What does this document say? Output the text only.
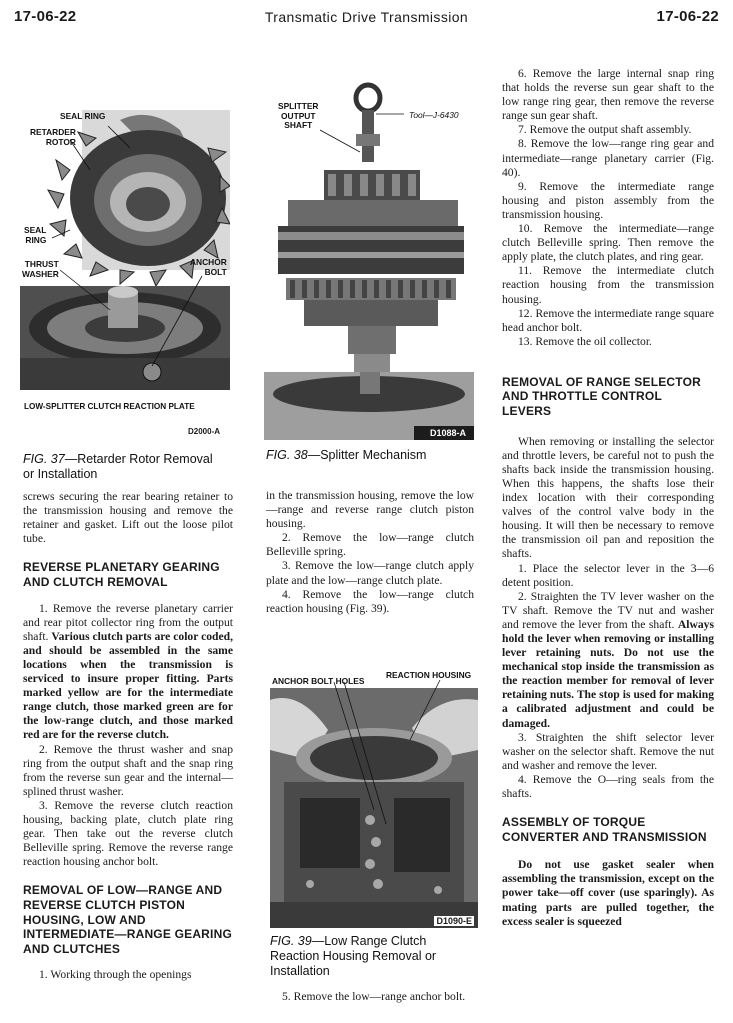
17-06-22	Transmatic Drive Transmission	17-06-22
SEAL RING
RETARDER
ROTOR
SEAL
RING
THRUST
WASHER
ANCHOR
BOLT
LOW-SPLITTER CLUTCH REACTION PLATE
D2000-A
FIG. 37—Retarder Rotor Removal or Installation
SPLITTER
OUTPUT
SHAFT
Tool—J-6430
D1088-A
FIG. 38—Splitter Mechanism
D1090-E
ANCHOR BOLT HOLES
REACTION HOUSING
FIG. 39—Low Range Clutch Reaction Housing Removal or Installation

screws securing the rear bearing retainer to the transmission housing and remove the retainer and gasket. Lift out the loose pilot tube.

REVERSE PLANETARY GEARING AND CLUTCH REMOVAL

1. Remove the reverse planetary carrier and rear pitot collector ring from the output shaft. Various clutch parts are color coded, and should be assembled in the same locations when the transmission is serviced to insure proper fitting. Parts marked yellow are for the intermediate range clutch, those marked green are for the low-range clutch, and those marked red are for the reverse clutch.

2. Remove the thrust washer and snap ring from the output shaft and the snap ring from the reverse sun gear and the internal—splined thrust washer.

3. Remove the reverse clutch reaction housing, backing plate, clutch plate ring gear. Then take out the reverse clutch Belleville spring. Remove the reverse range reaction housing anchor bolt.

REMOVAL OF LOW—RANGE AND REVERSE CLUTCH PISTON HOUSING, LOW AND INTERMEDIATE—RANGE GEARING AND CLUTCHES

1. Working through the openings

in the transmission housing, remove the low—range and reverse range clutch piston housing.

2. Remove the low—range clutch Belleville spring.

3. Remove the low—range clutch apply plate and the low—range clutch plate.

4. Remove the low—range clutch reaction housing (Fig. 39).

5. Remove the low—range anchor bolt.

6. Remove the large internal snap ring that holds the reverse sun gear shaft to the low range ring gear, then remove the reverse range sun gear shaft.

7. Remove the output shaft assembly.

8. Remove the low—range ring gear and intermediate—range planetary carrier (Fig. 40).

9. Remove the intermediate range housing and piston assembly from the transmission housing.

10. Remove the intermediate—range clutch Belleville spring. Then remove the apply plate, the clutch plates, and ring gear.

11. Remove the intermediate clutch reaction housing from the transmission housing.

12. Remove the intermediate range square head anchor bolt.

13. Remove the oil collector.

REMOVAL OF RANGE SELECTOR AND THROTTLE CONTROL LEVERS

When removing or installing the selector and throttle levers, be careful not to push the shafts back inside the transmission housing. When this happens, the shafts lose their index location with their corresponding valves of the control valve body in the housing. It will then be necessary to remove the transmission oil pan and reposition the shafts.

1. Place the selector lever in the 3—6 detent position.

2. Straighten the TV lever washer on the TV shaft. Remove the TV nut and washer and remove the lever from the shaft. Always hold the lever when removing or installing lever retaining nuts. Do not use the mechanical stop inside the transmission as the reaction member for removal of lever retaining nuts. The stop is used for making a calibrated adjustment and could be damaged.

3. Straighten the shift selector lever washer on the selector shaft. Remove the nut and washer and remove the lever.

4. Remove the O—ring seals from the shafts.

ASSEMBLY OF TORQUE CONVERTER AND TRANSMISSION

Do not use gasket sealer when assembling the transmission, except on the power take—off cover (use sparingly). As mating parts are pulled together, the excess sealer is squeezed
